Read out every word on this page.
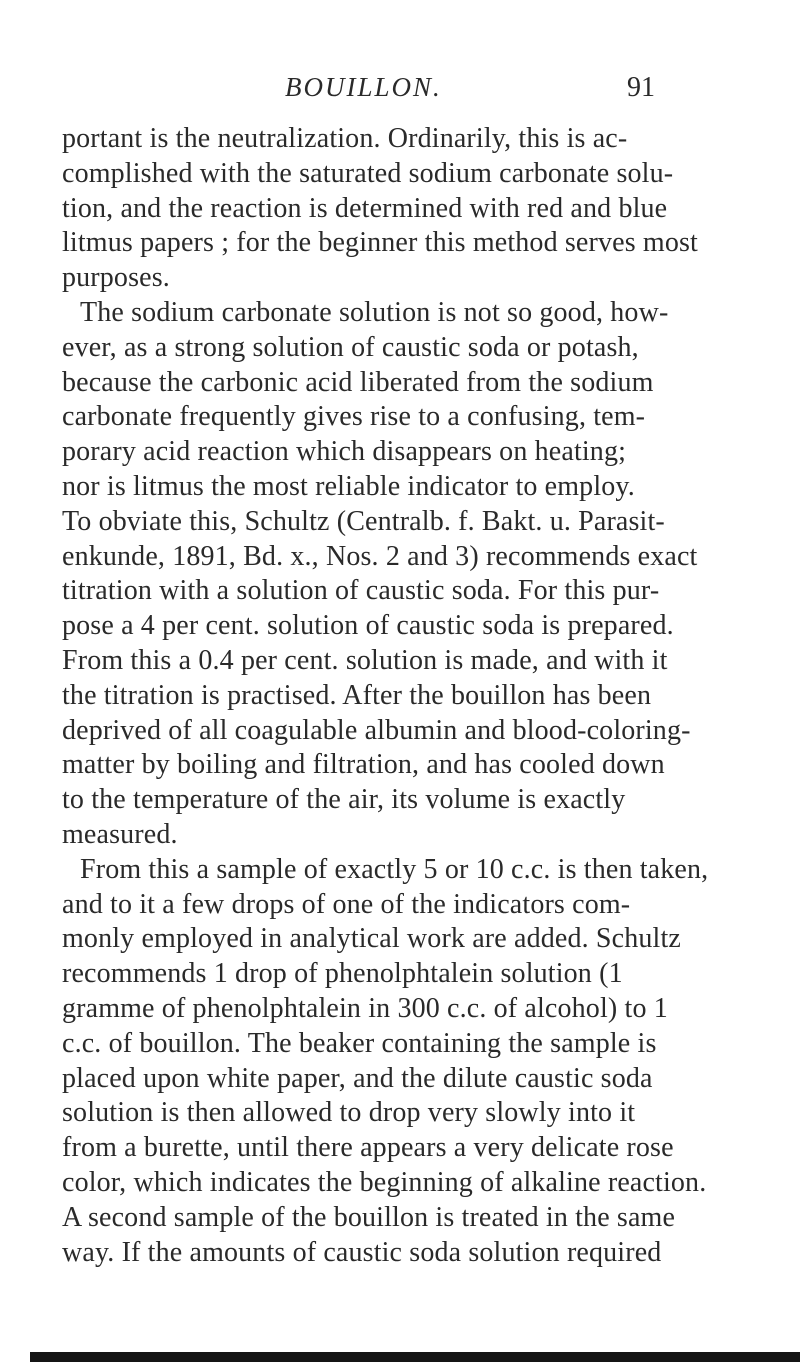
BOUILLON.	91
portant is the neutralization. Ordinarily, this is ac-
complished with the saturated sodium carbonate solu-
tion, and the reaction is determined with red and blue
litmus papers ; for the beginner this method serves most
purposes.
The sodium carbonate solution is not so good, how-
ever, as a strong solution of caustic soda or potash,
because the carbonic acid liberated from the sodium
carbonate frequently gives rise to a confusing, tem-
porary acid reaction which disappears on heating;
nor is litmus the most reliable indicator to employ.
To obviate this, Schultz (Centralb. f. Bakt. u. Parasit-
enkunde, 1891, Bd. x., Nos. 2 and 3) recommends exact
titration with a solution of caustic soda. For this pur-
pose a 4 per cent. solution of caustic soda is prepared.
From this a 0.4 per cent. solution is made, and with it
the titration is practised. After the bouillon has been
deprived of all coagulable albumin and blood-coloring-
matter by boiling and filtration, and has cooled down
to the temperature of the air, its volume is exactly
measured.
From this a sample of exactly 5 or 10 c.c. is then taken,
and to it a few drops of one of the indicators com-
monly employed in analytical work are added. Schultz
recommends 1 drop of phenolphtalein solution (1
gramme of phenolphtalein in 300 c.c. of alcohol) to 1
c.c. of bouillon. The beaker containing the sample is
placed upon white paper, and the dilute caustic soda
solution is then allowed to drop very slowly into it
from a burette, until there appears a very delicate rose
color, which indicates the beginning of alkaline reaction.
A second sample of the bouillon is treated in the same
way. If the amounts of caustic soda solution required
